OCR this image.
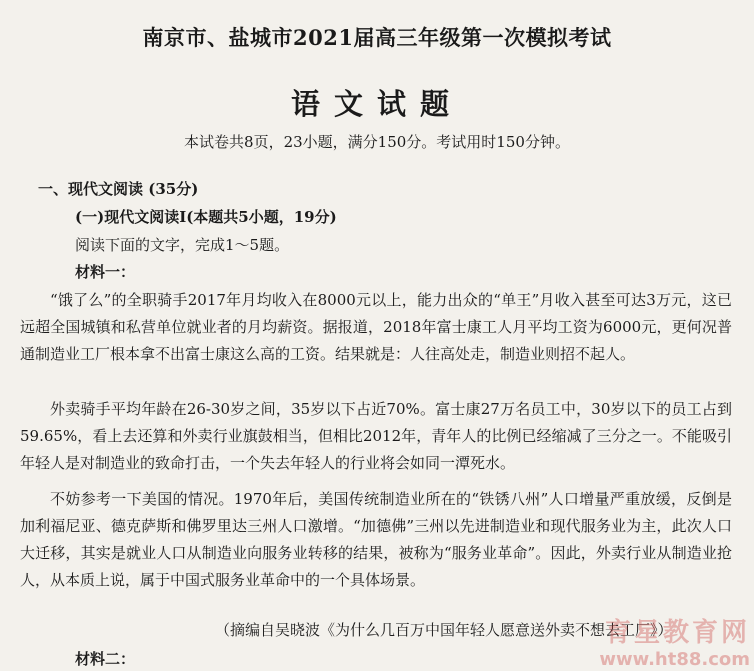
南京市、盐城市2021届高三年级第一次模拟考试
语文试题
本试卷共8页，23小题，满分150分。考试用时150分钟。
一、现代文阅读 (35分)
(一)现代文阅读Ⅰ(本题共5小题，19分)
阅读下面的文字，完成1～5题。
材料一：

“饿了么”的全职骑手2017年月均收入在8000元以上，能力出众的“单王”月收入甚至可达3万元，这已远超全国城镇和私营单位就业者的月均薪资。据报道，2018年富士康工人月平均工资为6000元，更何况普通制造业工厂根本拿不出富士康这么高的工资。结果就是：人往高处走，制造业则招不起人。

外卖骑手平均年龄在26-30岁之间，35岁以下占近70%。富士康27万名员工中，30岁以下的员工占到59.65%，看上去还算和外卖行业旗鼓相当，但相比2012年，青年人的比例已经缩减了三分之一。不能吸引年轻人是对制造业的致命打击，一个失去年轻人的行业将会如同一潭死水。

不妨参考一下美国的情况。1970年后，美国传统制造业所在的“铁锈八州”人口增量严重放缓，反倒是加利福尼亚、德克萨斯和佛罗里达三州人口激增。“加德佛”三州以先进制造业和现代服务业为主，此次人口大迁移，其实是就业人口从制造业向服务业转移的结果，被称为“服务业革命”。因此，外卖行业从制造业抢人，从本质上说，属于中国式服务业革命中的一个具体场景。

（摘编自吴晓波《为什么几百万中国年轻人愿意送外卖不想去工厂》）
材料二：
育星教育网
www.ht88.com
